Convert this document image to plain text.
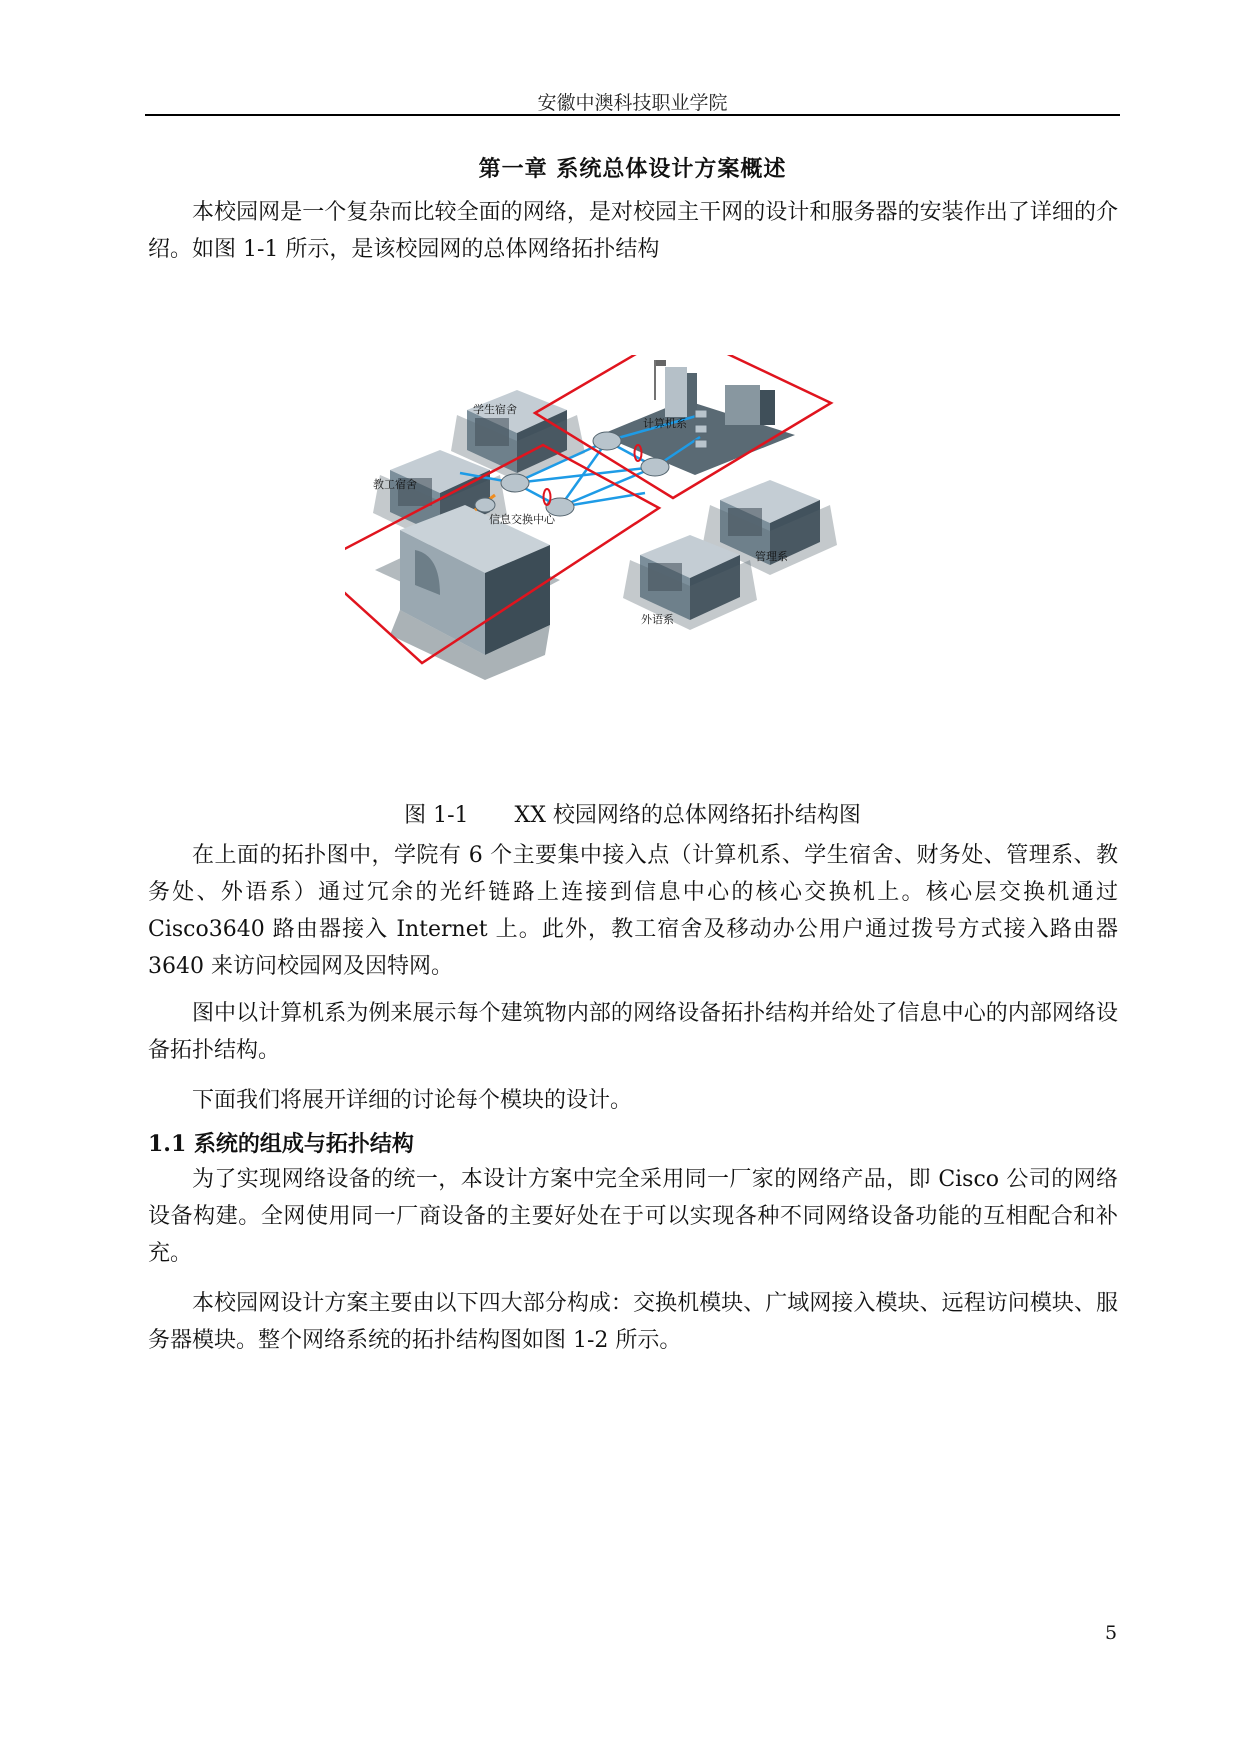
安徽中澳科技职业学院
第一章 系统总体设计方案概述

本校园网是一个复杂而比较全面的网络，是对校园主干网的设计和服务器的安装作出了详细的介绍。如图 1-1 所示，是该校园网的总体网络拓扑结构

学生宿舍
教工宿舍
计算机系
信息交换中心
管理系
外语系
图 1-1 XX 校园网络的总体网络拓扑结构图

在上面的拓扑图中，学院有 6 个主要集中接入点（计算机系、学生宿舍、财务处、管理系、教务处、外语系）通过冗余的光纤链路上连接到信息中心的核心交换机上。核心层交换机通过 Cisco3640 路由器接入 Internet 上。此外，教工宿舍及移动办公用户通过拨号方式接入路由器 3640 来访问校园网及因特网。

图中以计算机系为例来展示每个建筑物内部的网络设备拓扑结构并给处了信息中心的内部网络设备拓扑结构。

下面我们将展开详细的讨论每个模块的设计。

1.1 系统的组成与拓扑结构

为了实现网络设备的统一，本设计方案中完全采用同一厂家的网络产品，即 Cisco 公司的网络设备构建。全网使用同一厂商设备的主要好处在于可以实现各种不同网络设备功能的互相配合和补充。

本校园网设计方案主要由以下四大部分构成：交换机模块、广域网接入模块、远程访问模块、服务器模块。整个网络系统的拓扑结构图如图 1-2 所示。

5
